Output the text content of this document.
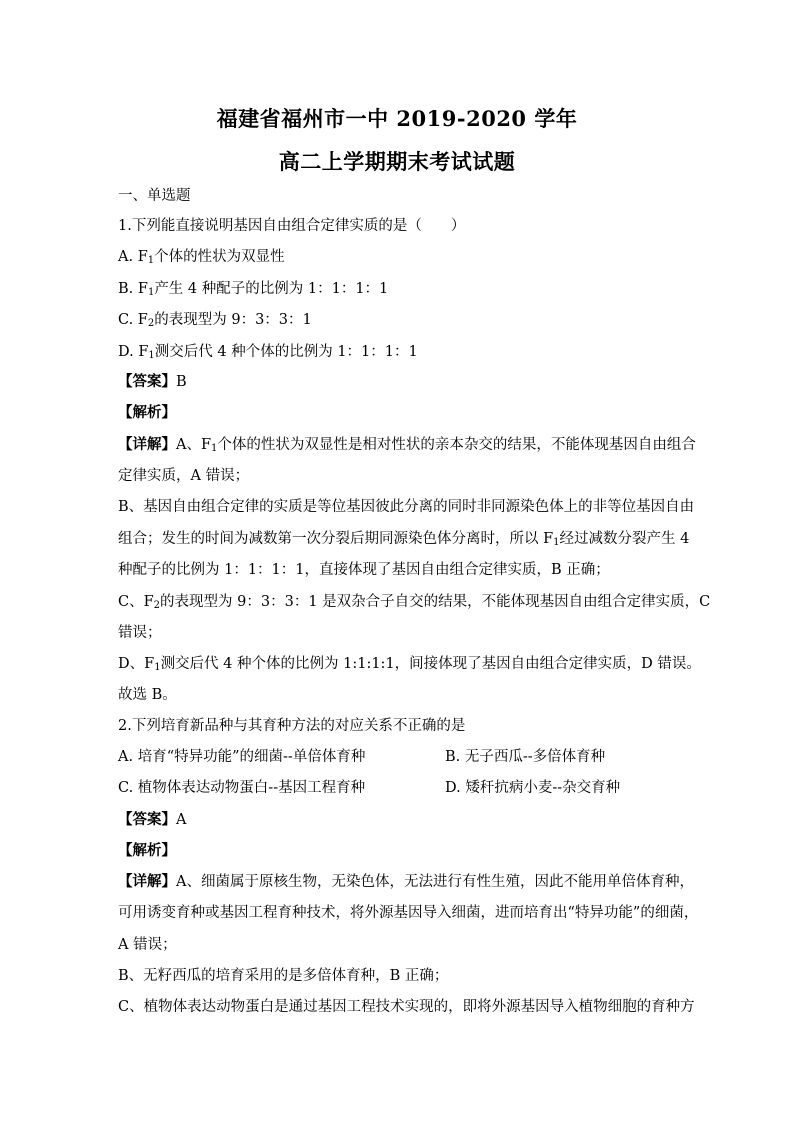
福建省福州市一中 2019-2020 学年
高二上学期期末考试试题
一、单选题
1.下列能直接说明基因自由组合定律实质的是（　　）
A. $F_1$个体的性状为双显性
B. $F_1$产生 4 种配子的比例为 1：1：1：1
C. $F_2$的表现型为 9：3：3：1
D. $F_1$测交后代 4 种个体的比例为 1：1：1：1
【答案】B
【解析】
【详解】A、$F_1$个体的性状为双显性是相对性状的亲本杂交的结果，不能体现基因自由组合
定律实质，A 错误；
B、基因自由组合定律的实质是等位基因彼此分离的同时非同源染色体上的非等位基因自由
组合；发生的时间为减数第一次分裂后期同源染色体分离时，所以 $F_1$经过减数分裂产生 4
种配子的比例为 1：1：1：1，直接体现了基因自由组合定律实质，B 正确；
C、$F_2$的表现型为 9：3：3：1 是双杂合子自交的结果，不能体现基因自由组合定律实质，C
错误；
D、$F_1$测交后代 4 种个体的比例为 1:1:1:1，间接体现了基因自由组合定律实质，D 错误。
故选 B。
2.下列培育新品种与其育种方法的对应关系不正确的是
A. 培育“特异功能”的细菌--单倍体育种	B. 无子西瓜--多倍体育种
C. 植物体表达动物蛋白--基因工程育种	D. 矮秆抗病小麦--杂交育种
【答案】A
【解析】
【详解】A、细菌属于原核生物，无染色体，无法进行有性生殖，因此不能用单倍体育种，
可用诱变育种或基因工程育种技术，将外源基因导入细菌，进而培育出“特异功能”的细菌，
A 错误；
B、无籽西瓜的培育采用的是多倍体育种，B 正确；
C、植物体表达动物蛋白是通过基因工程技术实现的，即将外源基因导入植物细胞的育种方
